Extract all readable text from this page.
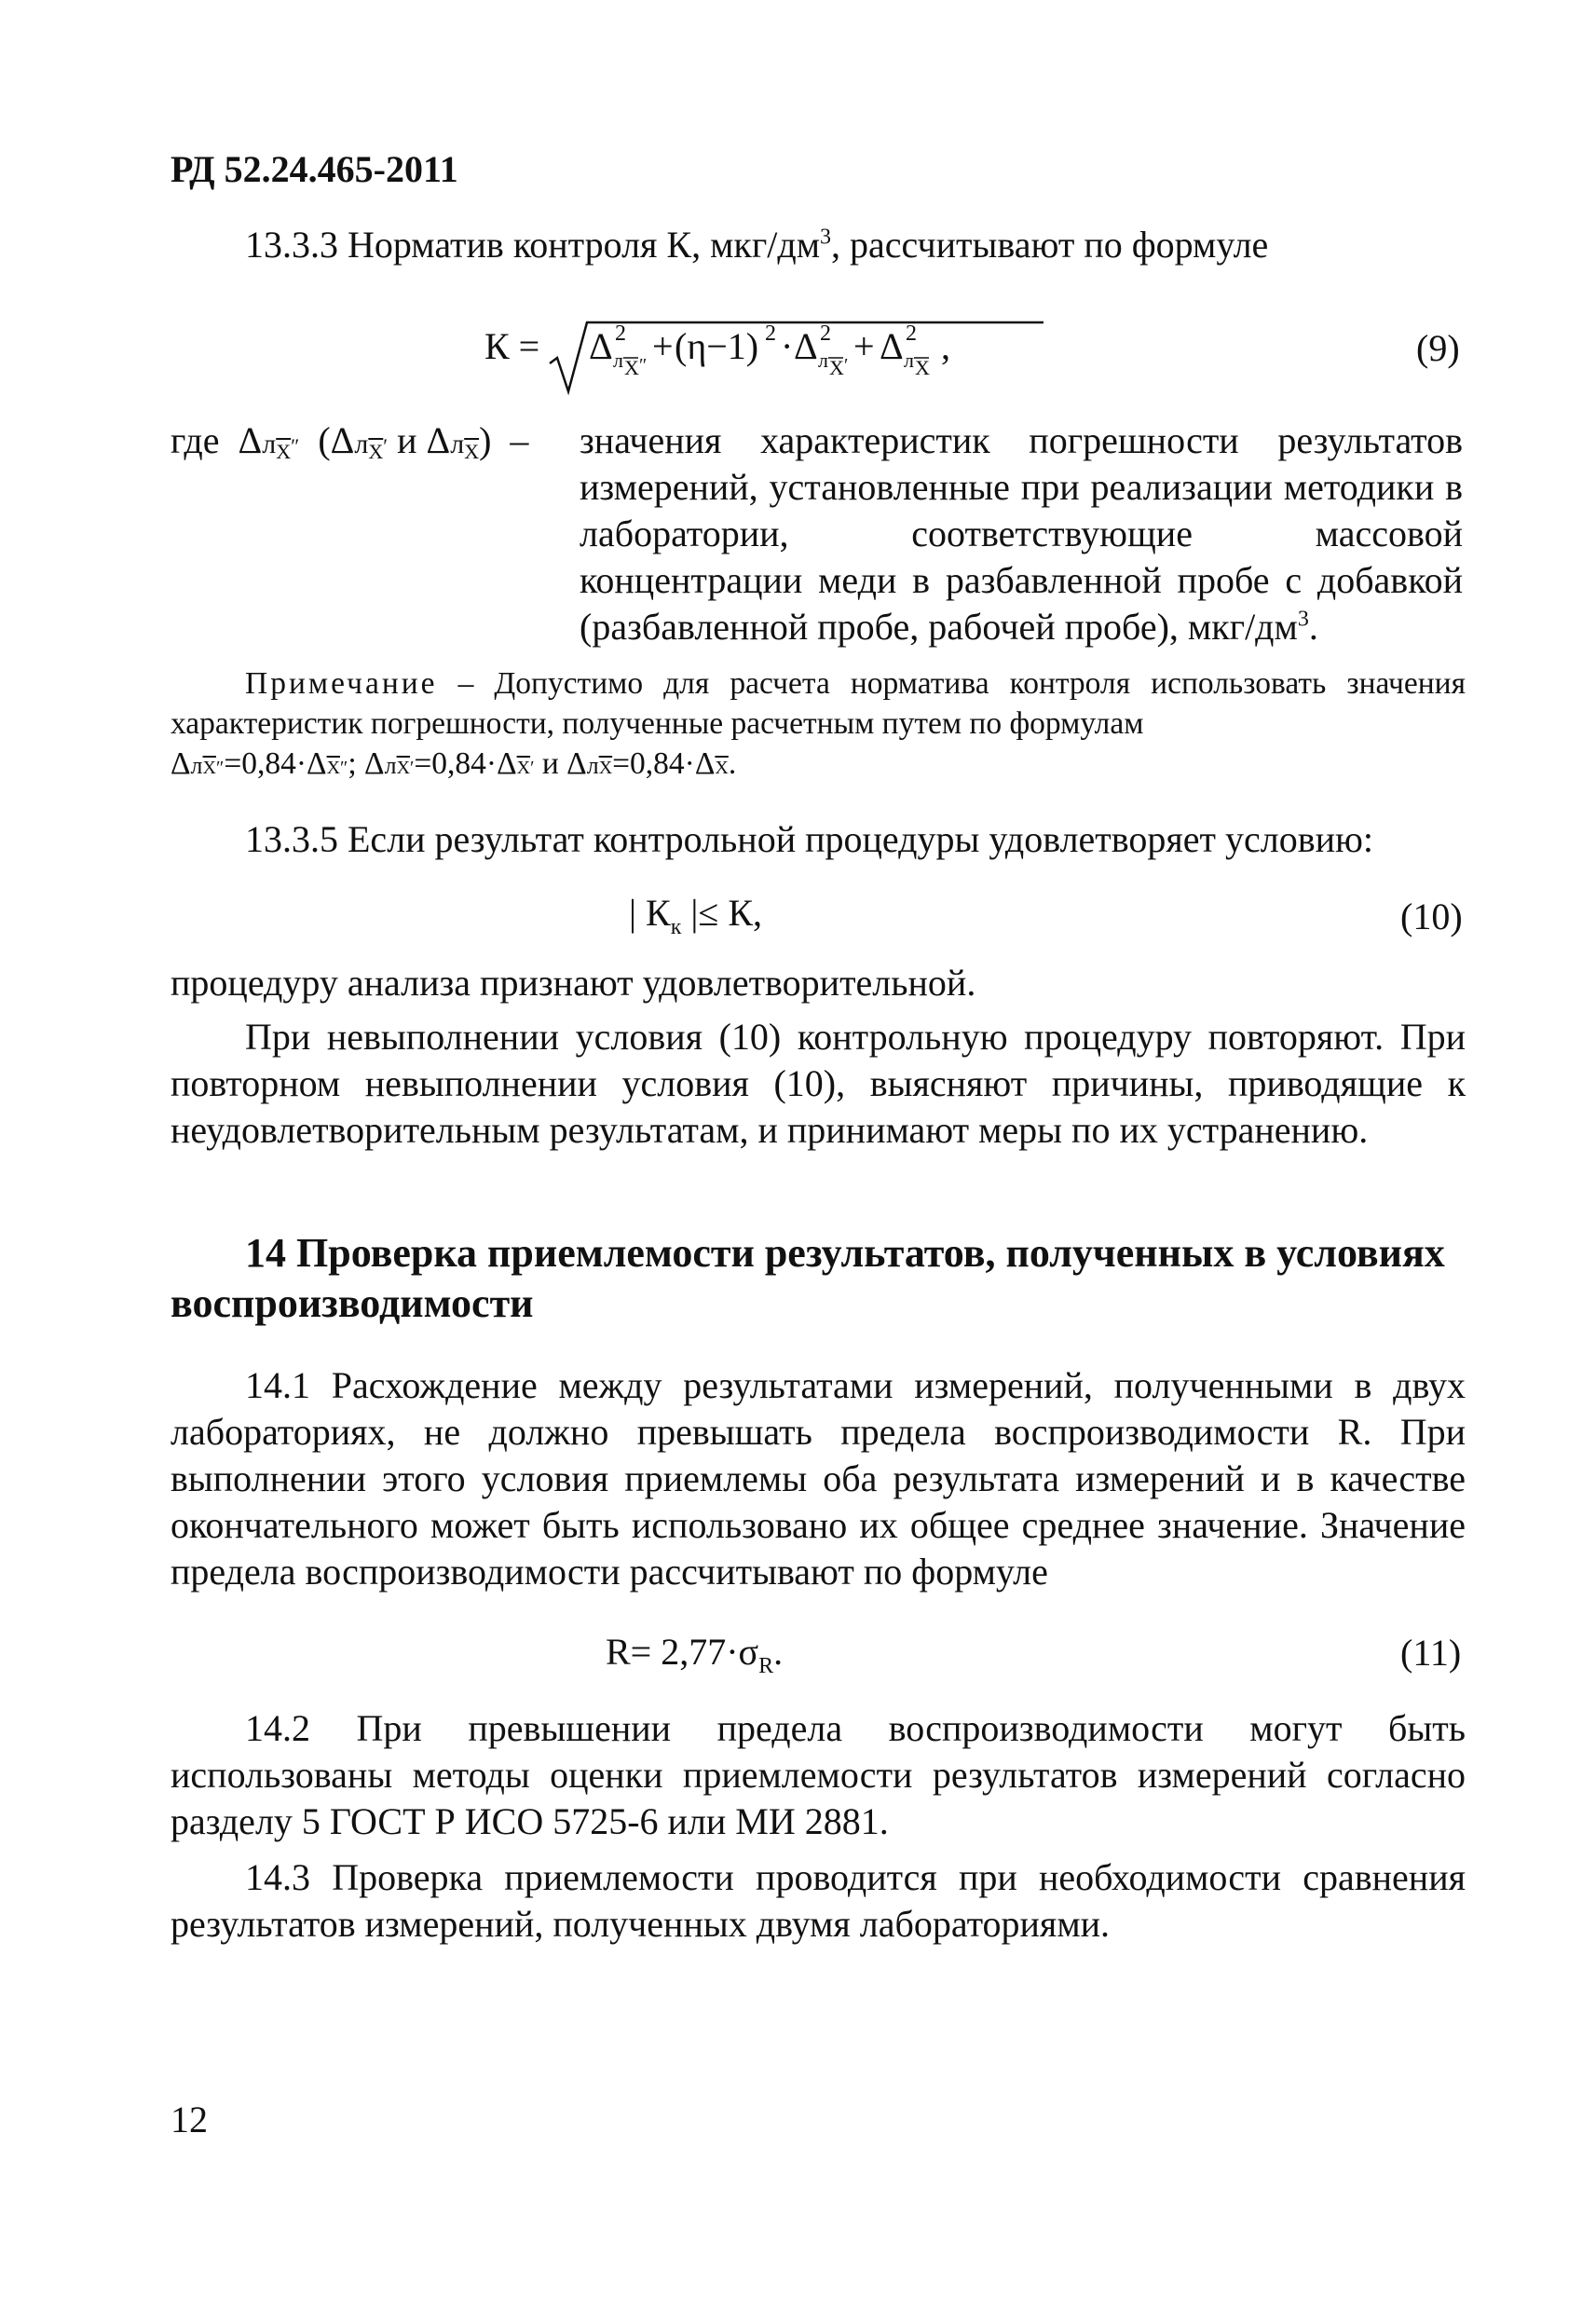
РД 52.24.465-2011
13.3.3 Норматив контроля К, мкг/$дм^3$, рассчитывают по формуле
К = Δ 2
л X ″ + (η−1) 2 · Δ 2
л X ′ + Δ 2
л X
,	(9)
где $\Delta л\overline{X}''$ ($\Delta л\overline{X}'$ и $\Delta л\overline{X}$) – значения характеристик погрешности результатов измерений, установленные при реализации методики в лаборатории, соответствующие массовой концентрации меди в разбавленной пробе с добавкой (разбавленной пробе, рабочей пробе), мкг/$дм^3$.
Примечание – Допустимо для расчета норматива контроля использовать значения характеристик погрешности, полученные расчетным путем по формулам
$\Delta л\overline{X}''=0,84\cdot\Delta\overline{X}''$; $\Delta л\overline{X}'=0,84\cdot\Delta\overline{X}'$ и $\Delta л\overline{X}=0,84\cdot\Delta\overline{X}$.
13.3.5 Если результат контрольной процедуры удовлетворяет условию:
| $К_к$ |≤ К,	(10)
процедуру анализа признают удовлетворительной.
При невыполнении условия (10) контрольную процедуру повторяют. При повторном невыполнении условия (10), выясняют причины, приводящие к неудовлетворительным результатам, и принимают меры по их устранению.
14 Проверка приемлемости результатов, полученных в условиях воспроизводимости
14.1 Расхождение между результатами измерений, полученными в двух лабораториях, не должно превышать предела воспроизводимости R. При выполнении этого условия приемлемы оба результата измерений и в качестве окончательного может быть использовано их общее среднее значение. Значение предела воспроизводимости рассчитывают по формуле
$R= 2,77\cdot\sigma_R$.	(11)
14.2 При превышении предела воспроизводимости могут быть использованы методы оценки приемлемости результатов измерений согласно разделу 5 ГОСТ Р ИСО 5725-6 или МИ 2881.
14.3 Проверка приемлемости проводится при необходимости сравнения результатов измерений, полученных двумя лабораториями.
12
